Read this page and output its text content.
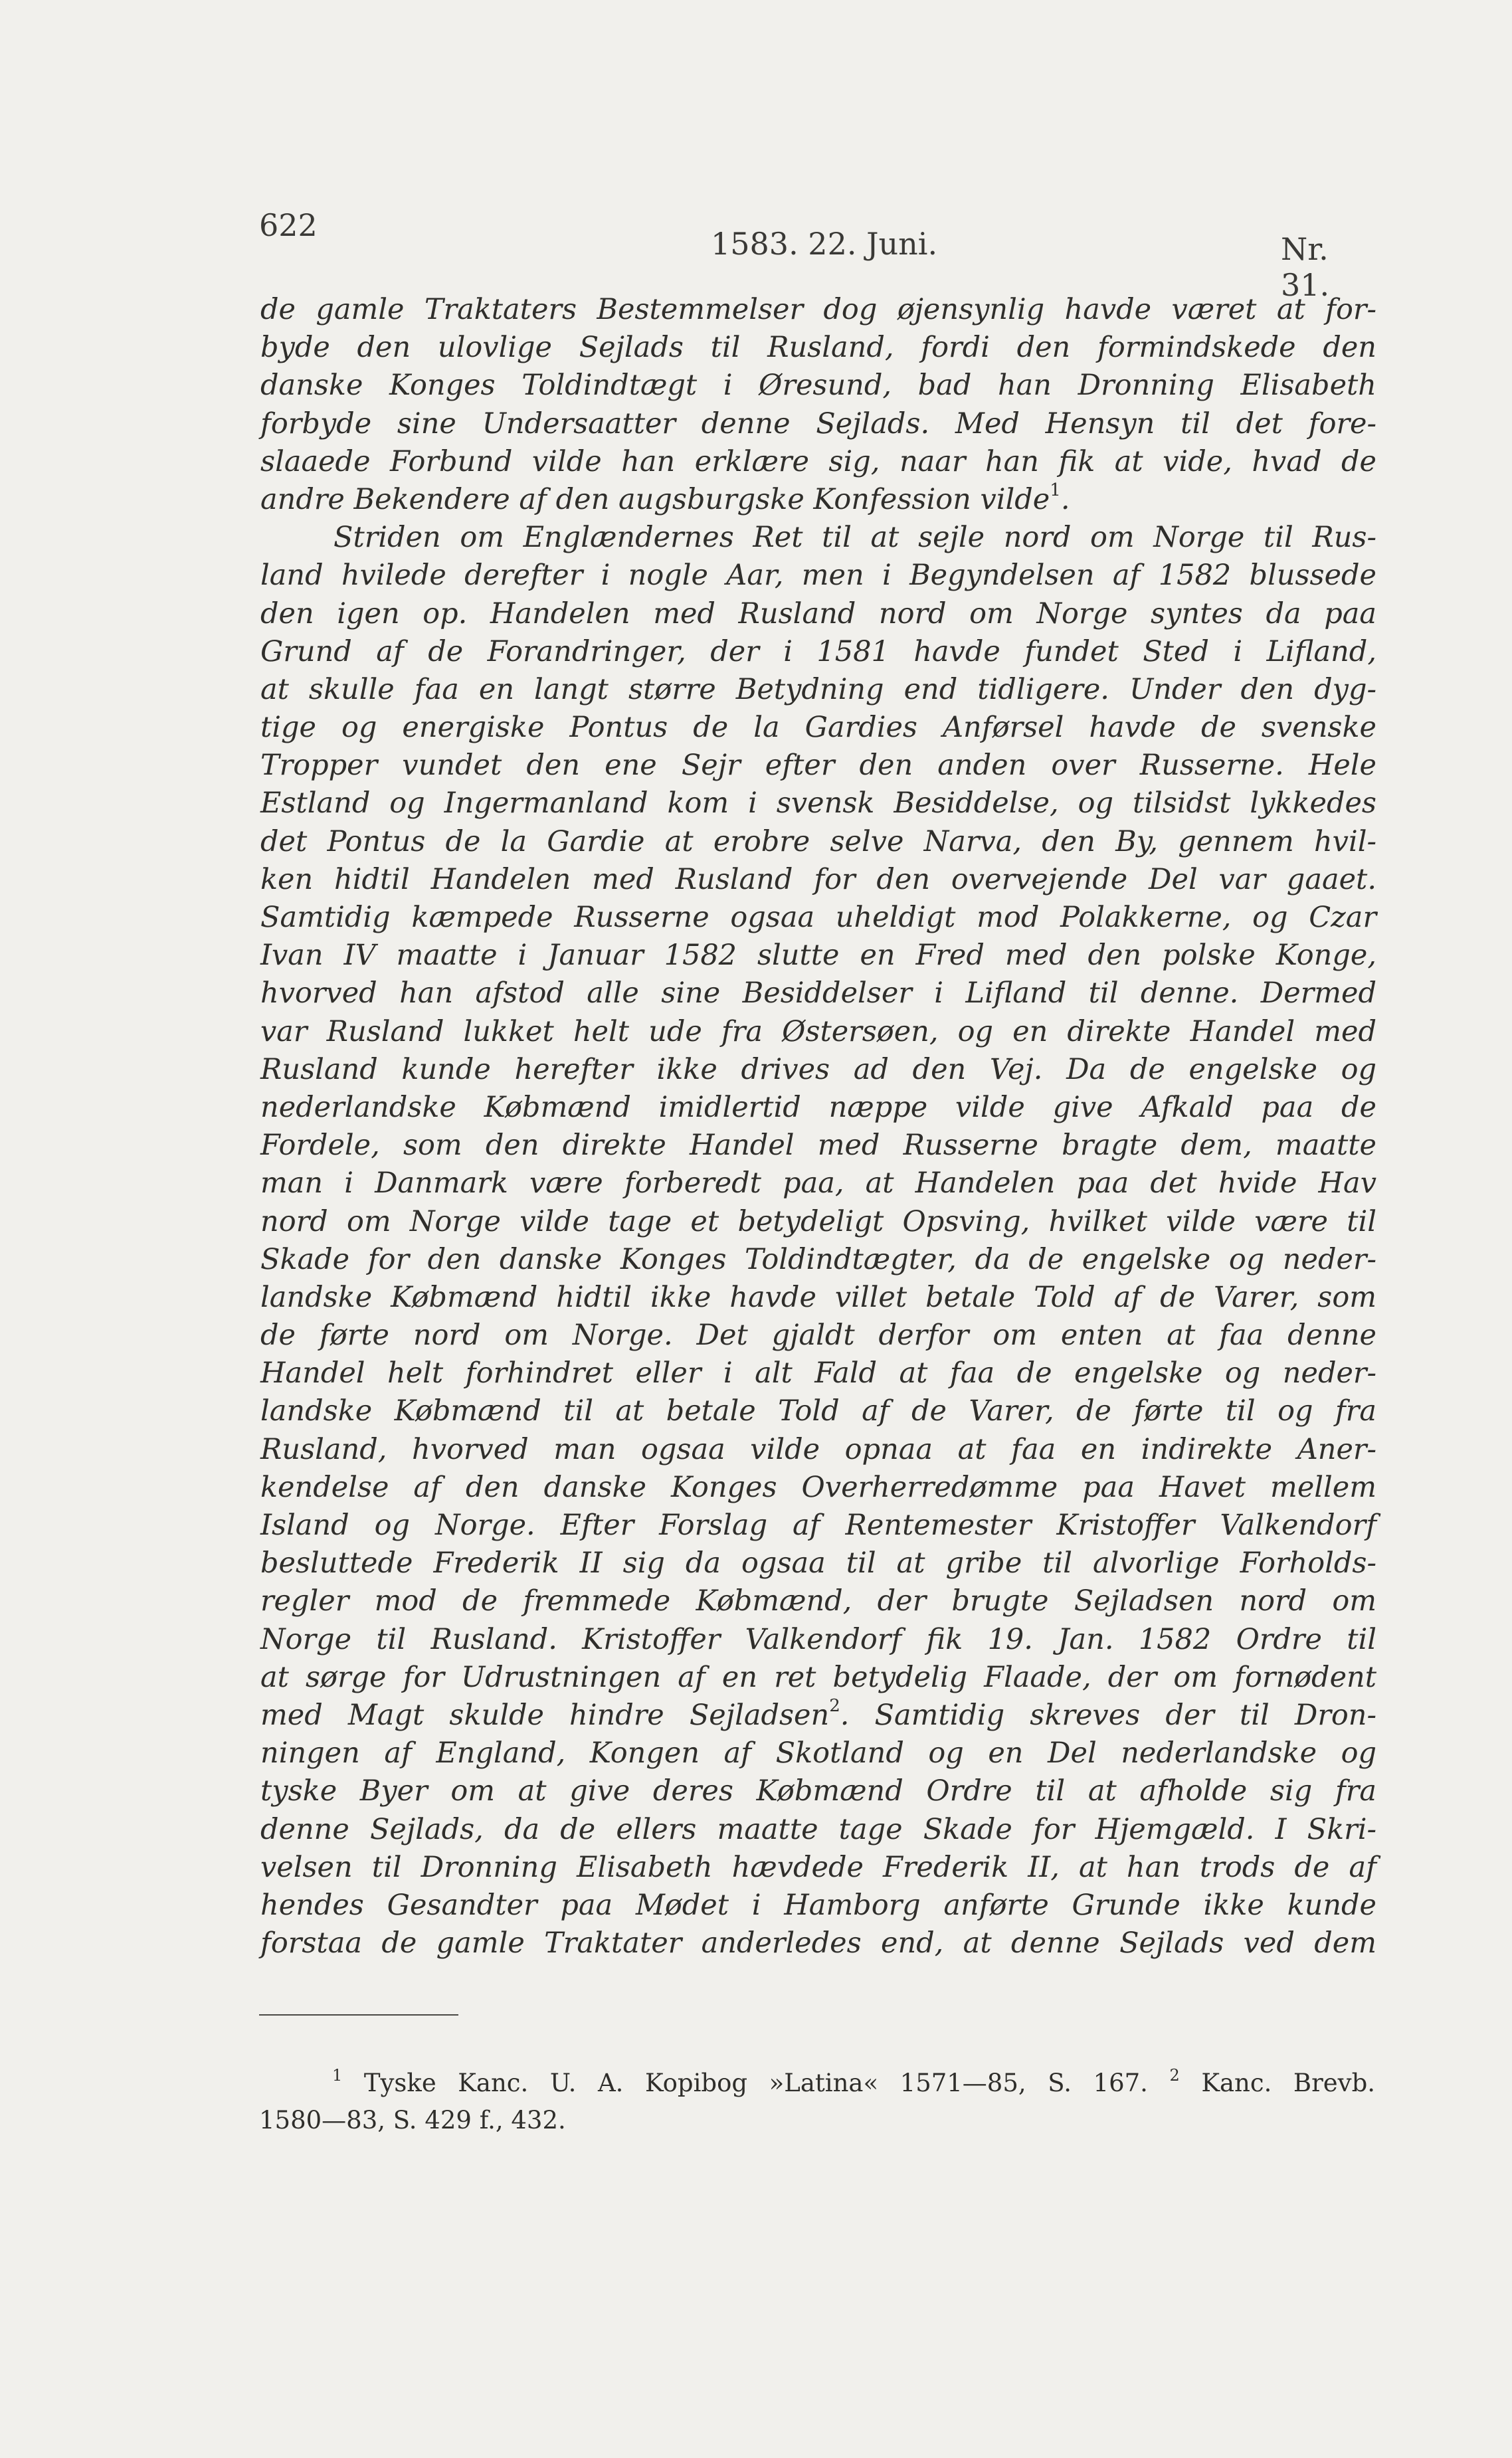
622
1583. 22. Juni.	Nr. 31.
de gamle Traktaters Bestemmelser dog øjensynlig havde været at for-
byde den ulovlige Sejlads til Rusland, fordi den formindskede den
danske Konges Toldindtægt i Øresund, bad han Dronning Elisabeth
forbyde sine Undersaatter denne Sejlads. Med Hensyn til det fore-
slaaede Forbund vilde han erklære sig, naar han fik at vide, hvad de
andre Bekendere af den augsburgske Konfession vilde$^1$.
Striden om Englændernes Ret til at sejle nord om Norge til Rus-
land hvilede derefter i nogle Aar, men i Begyndelsen af 1582 blussede
den igen op. Handelen med Rusland nord om Norge syntes da paa
Grund af de Forandringer, der i 1581 havde fundet Sted i Lifland,
at skulle faa en langt større Betydning end tidligere. Under den dyg-
tige og energiske Pontus de la Gardies Anførsel havde de svenske
Tropper vundet den ene Sejr efter den anden over Russerne. Hele
Estland og Ingermanland kom i svensk Besiddelse, og tilsidst lykkedes
det Pontus de la Gardie at erobre selve Narva, den By, gennem hvil-
ken hidtil Handelen med Rusland for den overvejende Del var gaaet.
Samtidig kæmpede Russerne ogsaa uheldigt mod Polakkerne, og Czar
Ivan IV maatte i Januar 1582 slutte en Fred med den polske Konge,
hvorved han afstod alle sine Besiddelser i Lifland til denne. Dermed
var Rusland lukket helt ude fra Østersøen, og en direkte Handel med
Rusland kunde herefter ikke drives ad den Vej. Da de engelske og
nederlandske Købmænd imidlertid næppe vilde give Afkald paa de
Fordele, som den direkte Handel med Russerne bragte dem, maatte
man i Danmark være forberedt paa, at Handelen paa det hvide Hav
nord om Norge vilde tage et betydeligt Opsving, hvilket vilde være til
Skade for den danske Konges Toldindtægter, da de engelske og neder-
landske Købmænd hidtil ikke havde villet betale Told af de Varer, som
de førte nord om Norge. Det gjaldt derfor om enten at faa denne
Handel helt forhindret eller i alt Fald at faa de engelske og neder-
landske Købmænd til at betale Told af de Varer, de førte til og fra
Rusland, hvorved man ogsaa vilde opnaa at faa en indirekte Aner-
kendelse af den danske Konges Overherredømme paa Havet mellem
Island og Norge. Efter Forslag af Rentemester Kristoffer Valkendorf
besluttede Frederik II sig da ogsaa til at gribe til alvorlige Forholds-
regler mod de fremmede Købmænd, der brugte Sejladsen nord om
Norge til Rusland. Kristoffer Valkendorf fik 19. Jan. 1582 Ordre til
at sørge for Udrustningen af en ret betydelig Flaade, der om fornødent
med Magt skulde hindre Sejladsen$^2$. Samtidig skreves der til Dron-
ningen af England, Kongen af Skotland og en Del nederlandske og
tyske Byer om at give deres Købmænd Ordre til at afholde sig fra
denne Sejlads, da de ellers maatte tage Skade for Hjemgæld. I Skri-
velsen til Dronning Elisabeth hævdede Frederik II, at han trods de af
hendes Gesandter paa Mødet i Hamborg anførte Grunde ikke kunde
forstaa de gamle Traktater anderledes end, at denne Sejlads ved dem
$^1$ Tyske Kanc. U. A. Kopibog »Latina« 1571—85, S. 167. $^2$ Kanc. Brevb.
1580—83, S. 429 f., 432.
